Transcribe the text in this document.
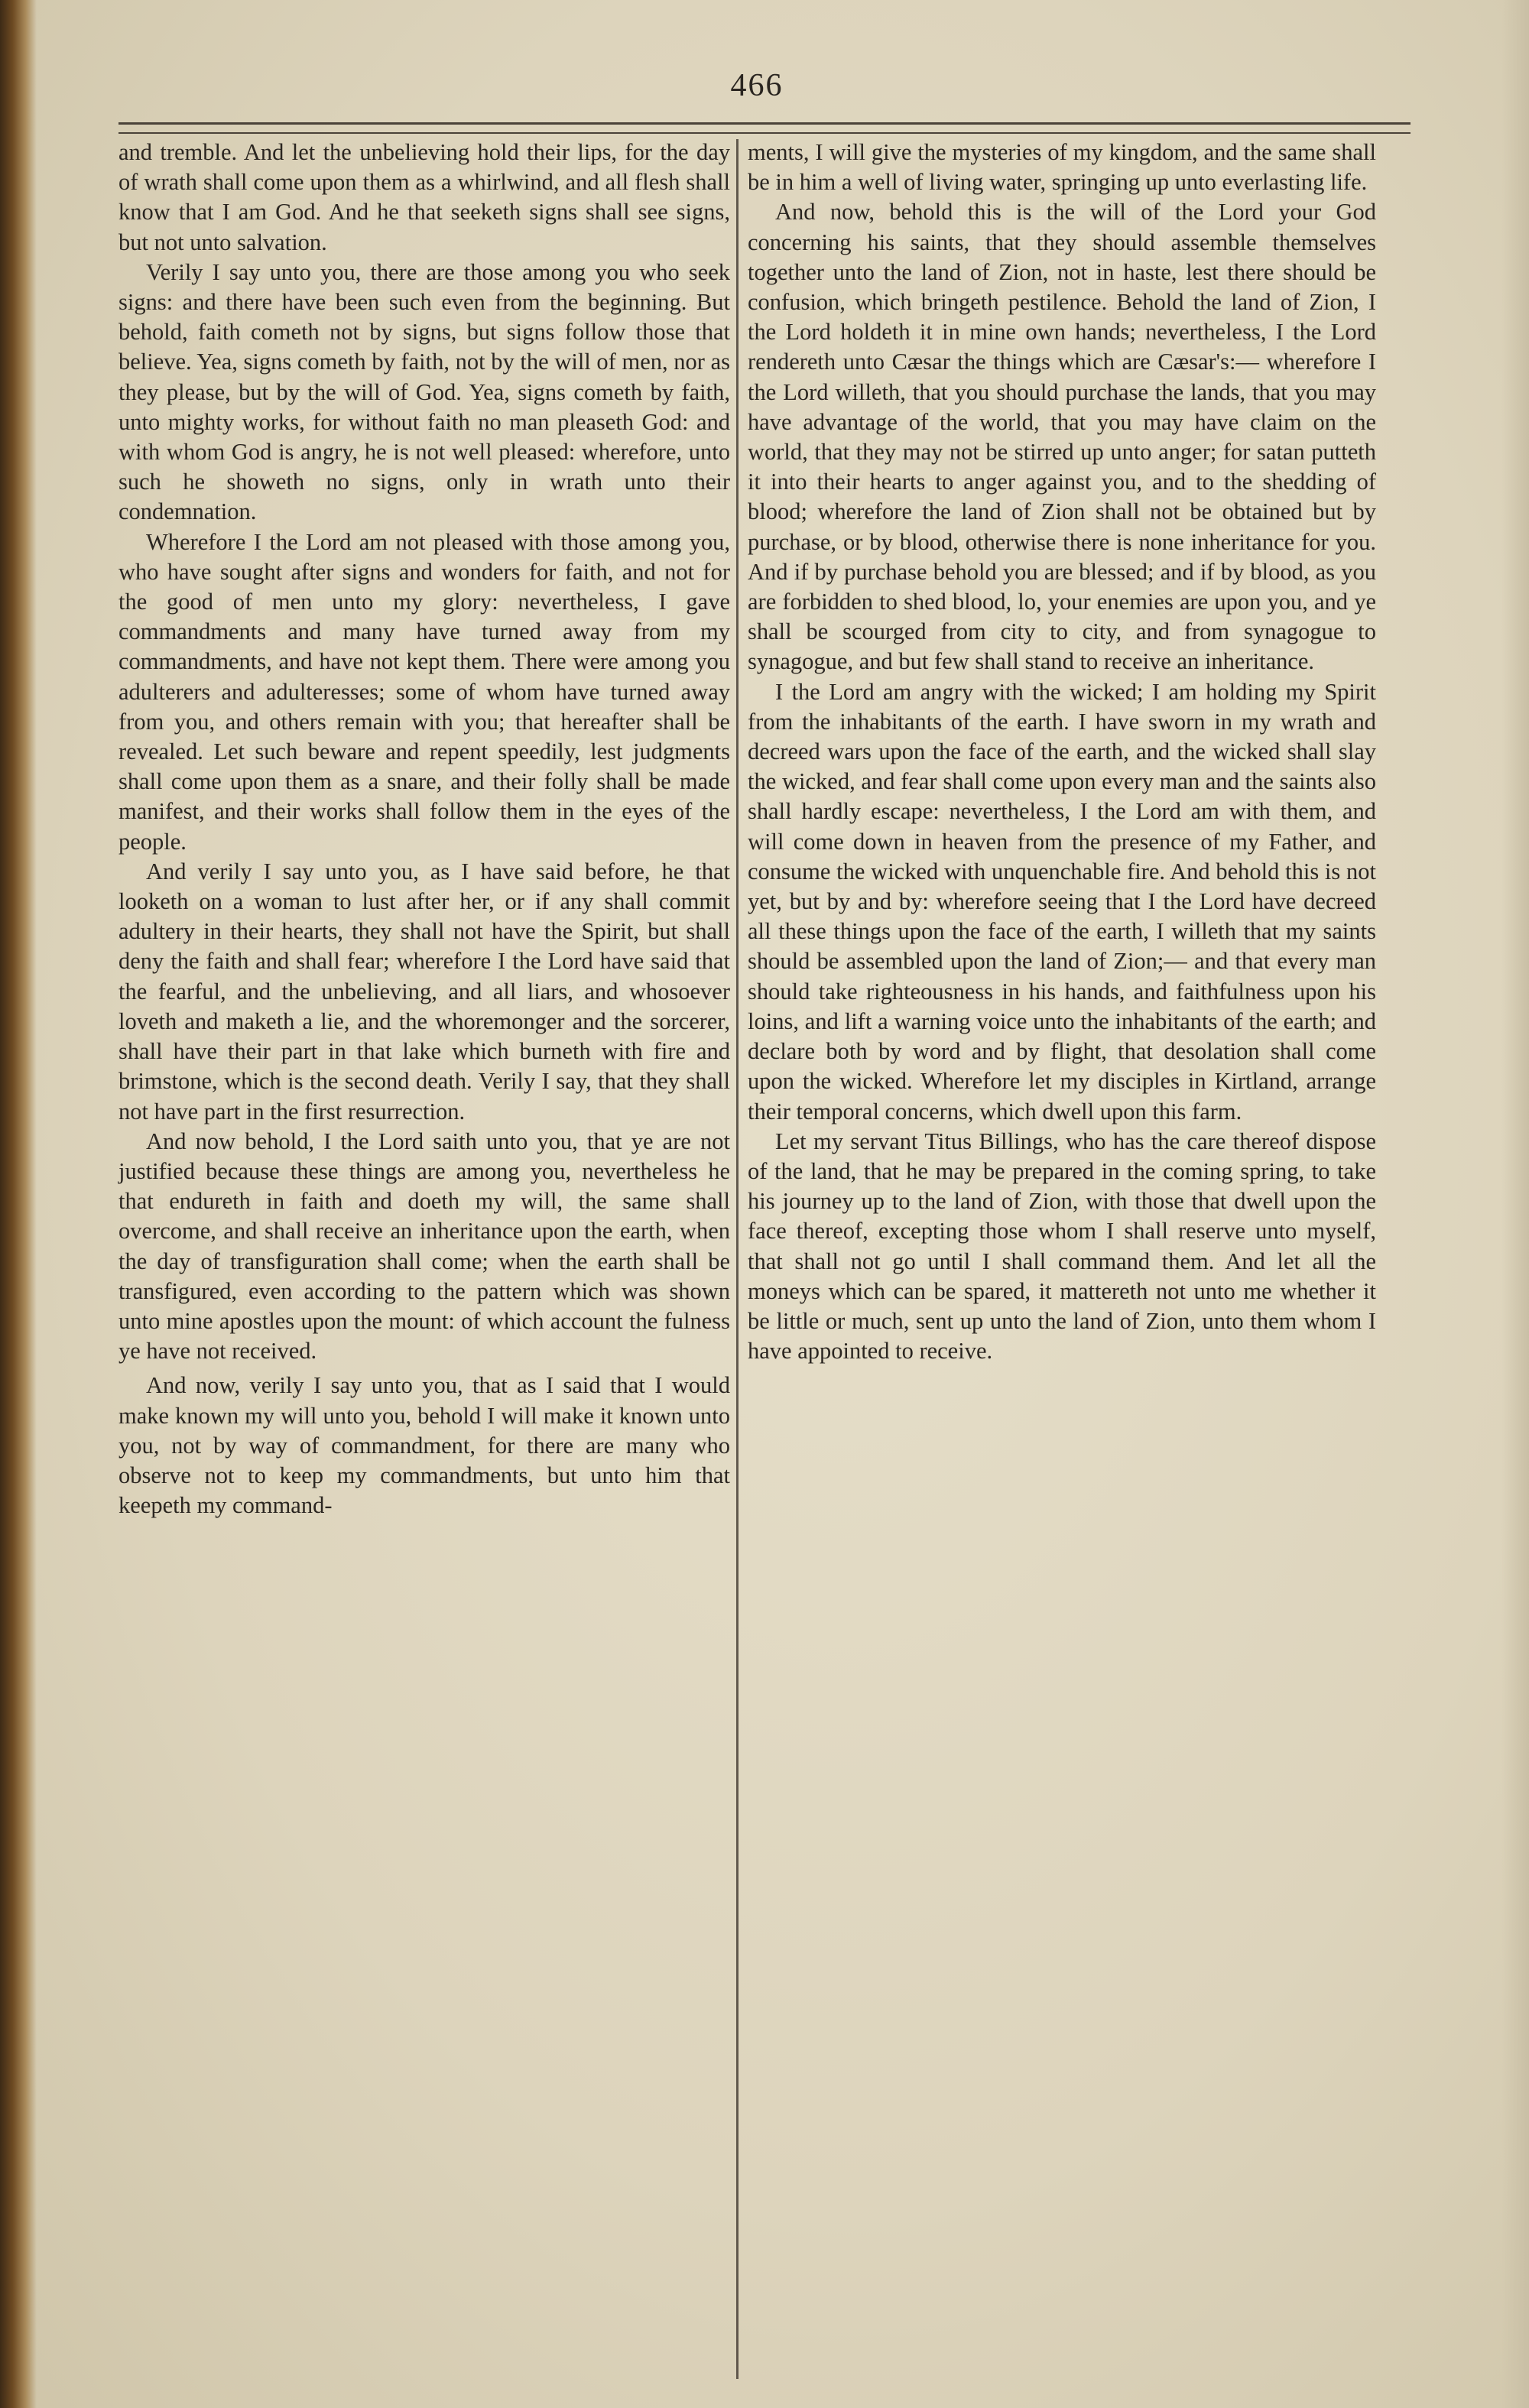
466

and tremble. And let the unbelieving hold their lips, for the day of wrath shall come upon them as a whirlwind, and all flesh shall know that I am God. And he that seeketh signs shall see signs, but not unto salvation.

Verily I say unto you, there are those among you who seek signs: and there have been such even from the beginning. But behold, faith cometh not by signs, but signs follow those that believe. Yea, signs cometh by faith, not by the will of men, nor as they please, but by the will of God. Yea, signs cometh by faith, unto mighty works, for without faith no man pleaseth God: and with whom God is angry, he is not well pleased: wherefore, unto such he showeth no signs, only in wrath unto their condemnation.

Wherefore I the Lord am not pleased with those among you, who have sought after signs and wonders for faith, and not for the good of men unto my glory: nevertheless, I gave commandments and many have turned away from my commandments, and have not kept them. There were among you adulterers and adulteresses; some of whom have turned away from you, and others remain with you; that hereafter shall be revealed. Let such beware and repent speedily, lest judgments shall come upon them as a snare, and their folly shall be made manifest, and their works shall follow them in the eyes of the people.

And verily I say unto you, as I have said before, he that looketh on a woman to lust after her, or if any shall commit adultery in their hearts, they shall not have the Spirit, but shall deny the faith and shall fear; wherefore I the Lord have said that the fearful, and the unbelieving, and all liars, and whosoever loveth and maketh a lie, and the whoremonger and the sorcerer, shall have their part in that lake which burneth with fire and brimstone, which is the second death. Verily I say, that they shall not have part in the first resurrection.

And now behold, I the Lord saith unto you, that ye are not justified because these things are among you, nevertheless he that endureth in faith and doeth my will, the same shall overcome, and shall receive an inheritance upon the earth, when the day of transfiguration shall come; when the earth shall be transfigured, even according to the pattern which was shown unto mine apostles upon the mount: of which account the fulness ye have not received.

And now, verily I say unto you, that as I said that I would make known my will unto you, behold I will make it known unto you, not by way of commandment, for there are many who observe not to keep my commandments, but unto him that keepeth my command-

ments, I will give the mysteries of my kingdom, and the same shall be in him a well of living water, springing up unto everlasting life.

And now, behold this is the will of the Lord your God concerning his saints, that they should assemble themselves together unto the land of Zion, not in haste, lest there should be confusion, which bringeth pestilence. Behold the land of Zion, I the Lord holdeth it in mine own hands; nevertheless, I the Lord rendereth unto Cæsar the things which are Cæsar's:— wherefore I the Lord willeth, that you should purchase the lands, that you may have advantage of the world, that you may have claim on the world, that they may not be stirred up unto anger; for satan putteth it into their hearts to anger against you, and to the shedding of blood; wherefore the land of Zion shall not be obtained but by purchase, or by blood, otherwise there is none inheritance for you. And if by purchase behold you are blessed; and if by blood, as you are forbidden to shed blood, lo, your enemies are upon you, and ye shall be scourged from city to city, and from synagogue to synagogue, and but few shall stand to receive an inheritance.

I the Lord am angry with the wicked; I am holding my Spirit from the inhabitants of the earth. I have sworn in my wrath and decreed wars upon the face of the earth, and the wicked shall slay the wicked, and fear shall come upon every man and the saints also shall hardly escape: nevertheless, I the Lord am with them, and will come down in heaven from the presence of my Father, and consume the wicked with unquenchable fire. And behold this is not yet, but by and by: wherefore seeing that I the Lord have decreed all these things upon the face of the earth, I willeth that my saints should be assembled upon the land of Zion;— and that every man should take righteousness in his hands, and faithfulness upon his loins, and lift a warning voice unto the inhabitants of the earth; and declare both by word and by flight, that desolation shall come upon the wicked. Wherefore let my disciples in Kirtland, arrange their temporal concerns, which dwell upon this farm.

Let my servant Titus Billings, who has the care thereof dispose of the land, that he may be prepared in the coming spring, to take his journey up to the land of Zion, with those that dwell upon the face thereof, excepting those whom I shall reserve unto myself, that shall not go until I shall command them. And let all the moneys which can be spared, it mattereth not unto me whether it be little or much, sent up unto the land of Zion, unto them whom I have appointed to receive.
